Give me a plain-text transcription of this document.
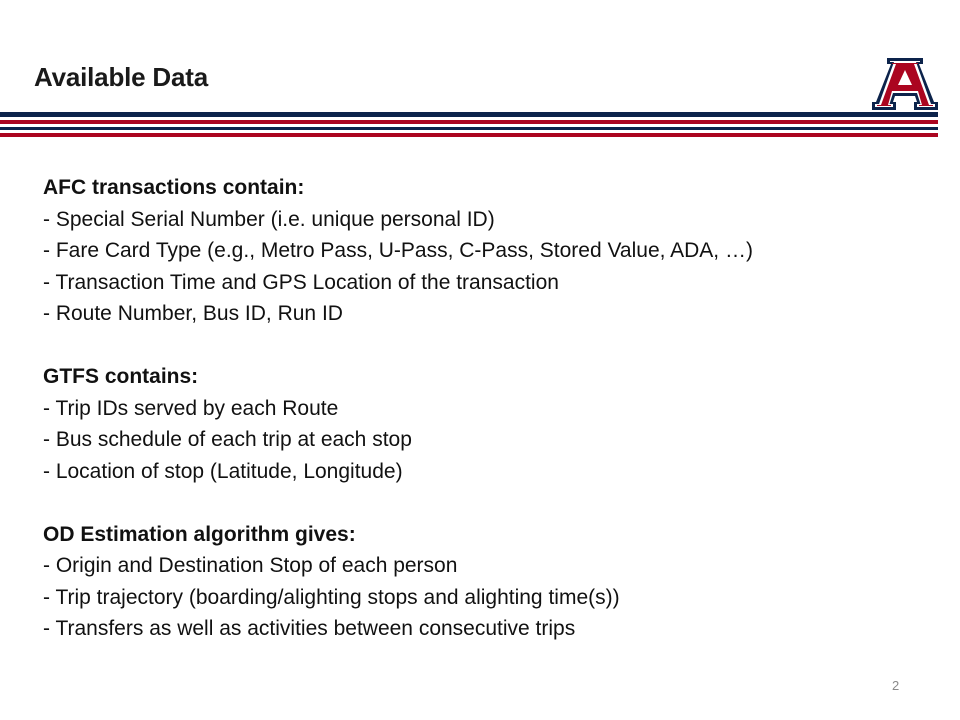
Available Data
AFC transactions contain:
- Special Serial Number (i.e. unique personal ID)
- Fare Card Type (e.g., Metro Pass, U-Pass, C-Pass, Stored Value, ADA, …)
- Transaction Time and GPS Location of the transaction
- Route Number, Bus ID, Run ID
GTFS contains:
- Trip IDs served by each Route
- Bus schedule of each trip at each stop
- Location of stop (Latitude, Longitude)
OD Estimation algorithm gives:
- Origin and Destination Stop of each person
- Trip trajectory (boarding/alighting stops and alighting time(s))
- Transfers as well as activities between consecutive trips
2
